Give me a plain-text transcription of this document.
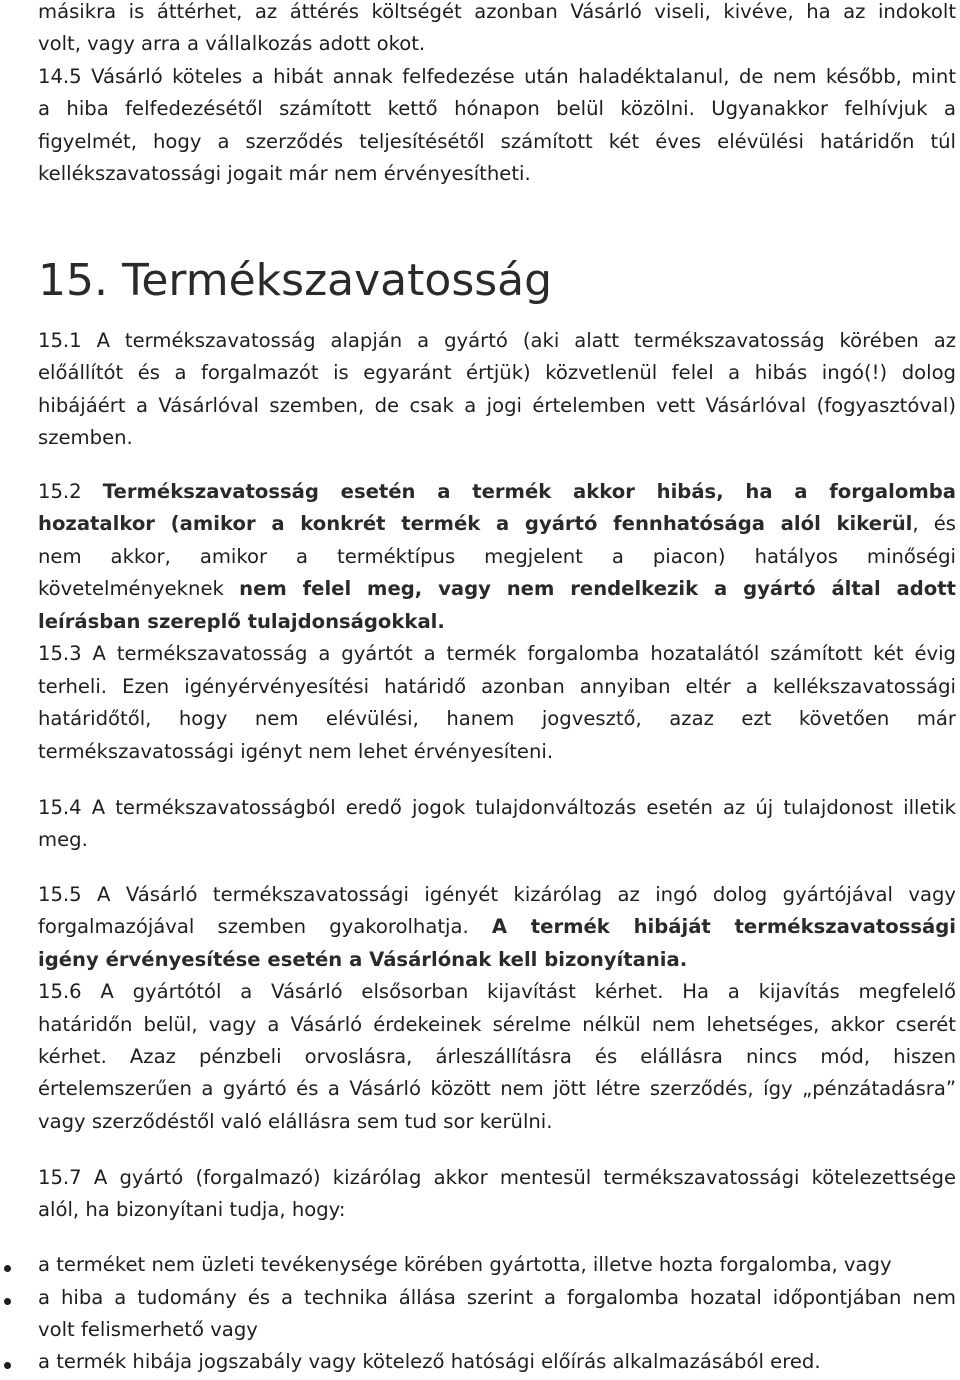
másikra is áttérhet, az áttérés költségét azonban Vásárló viseli, kivéve, ha az indokolt
volt, vagy arra a vállalkozás adott okot.
14.5 Vásárló köteles a hibát annak felfedezése után haladéktalanul, de nem később, mint
a hiba felfedezésétől számított kettő hónapon belül közölni. Ugyanakkor felhívjuk a
figyelmét, hogy a szerződés teljesítésétől számított két éves elévülési határidőn túl
kellékszavatossági jogait már nem érvényesítheti.
15. Termékszavatosság
15.1 A termékszavatosság alapján a gyártó (aki alatt termékszavatosság körében az
előállítót és a forgalmazót is egyaránt értjük) közvetlenül felel a hibás ingó(!) dolog
hibájáért a Vásárlóval szemben, de csak a jogi értelemben vett Vásárlóval (fogyasztóval)
szemben.
15.2 Termékszavatosság esetén a termék akkor hibás, ha a forgalomba
hozatalkor (amikor a konkrét termék a gyártó fennhatósága alól kikerül, és
nem akkor, amikor a terméktípus megjelent a piacon) hatályos minőségi
követelményeknek nem felel meg, vagy nem rendelkezik a gyártó által adott
leírásban szereplő tulajdonságokkal.
15.3 A termékszavatosság a gyártót a termék forgalomba hozatalától számított két évig
terheli. Ezen igényérvényesítési határidő azonban annyiban eltér a kellékszavatossági
határidőtől, hogy nem elévülési, hanem jogvesztő, azaz ezt követően már
termékszavatossági igényt nem lehet érvényesíteni.
15.4 A termékszavatosságból eredő jogok tulajdonváltozás esetén az új tulajdonost illetik
meg.
15.5 A Vásárló termékszavatossági igényét kizárólag az ingó dolog gyártójával vagy
forgalmazójával szemben gyakorolhatja. A termék hibáját termékszavatossági
igény érvényesítése esetén a Vásárlónak kell bizonyítania.
15.6 A gyártótól a Vásárló elsősorban kijavítást kérhet. Ha a kijavítás megfelelő
határidőn belül, vagy a Vásárló érdekeinek sérelme nélkül nem lehetséges, akkor cserét
kérhet. Azaz pénzbeli orvoslásra, árleszállításra és elállásra nincs mód, hiszen
értelemszerűen a gyártó és a Vásárló között nem jött létre szerződés, így „pénzátadásra”
vagy szerződéstől való elállásra sem tud sor kerülni.
15.7 A gyártó (forgalmazó) kizárólag akkor mentesül termékszavatossági kötelezettsége
alól, ha bizonyítani tudja, hogy:
a terméket nem üzleti tevékenysége körében gyártotta, illetve hozta forgalomba, vagy
a hiba a tudomány és a technika állása szerint a forgalomba hozatal időpontjában nem
volt felismerhető vagy
a termék hibája jogszabály vagy kötelező hatósági előírás alkalmazásából ered.
